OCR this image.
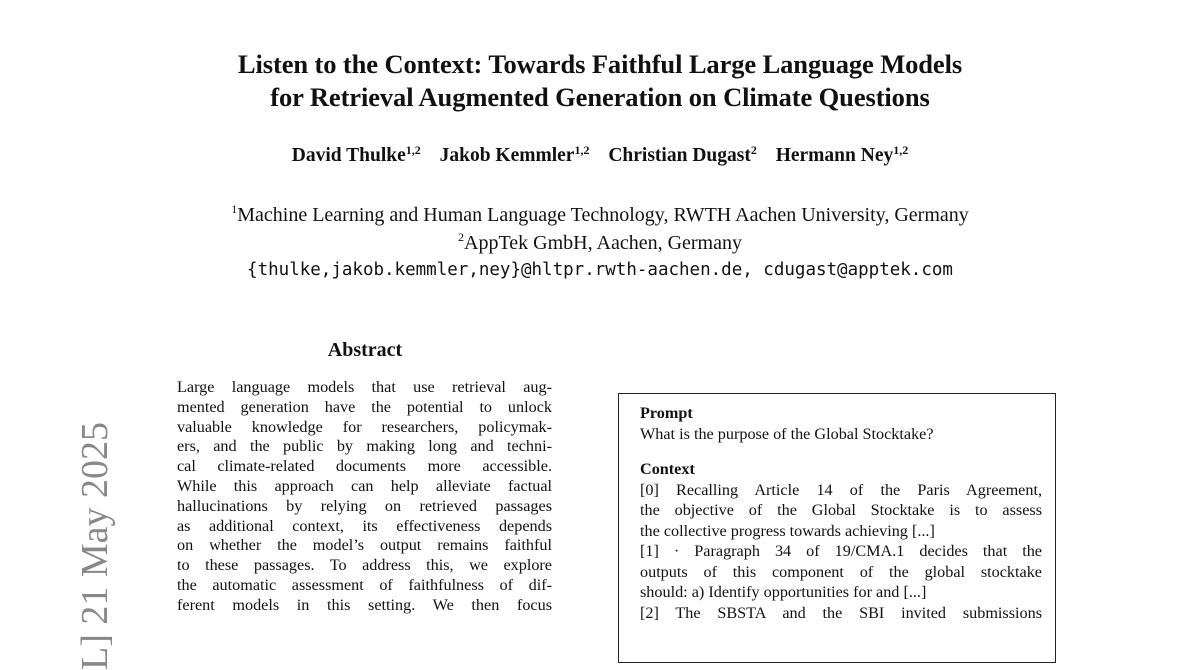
Listen to the Context: Towards Faithful Large Language Models
for Retrieval Augmented Generation on Climate Questions
David Thulke$^{1,2}$ Jakob Kemmler$^{1,2}$ Christian Dugast$^2$ Hermann Ney$^{1,2}$
$^1$Machine Learning and Human Language Technology, RWTH Aachen University, Germany
$^2$AppTek GmbH, Aachen, Germany
{thulke,jakob.kemmler,ney}@hltpr.rwth-aachen.de, cdugast@apptek.com
L] 21 May 2025
Abstract
Large language models that use retrieval aug-
mented generation have the potential to unlock
valuable knowledge for researchers, policymak-
ers, and the public by making long and techni-
cal climate-related documents more accessible.
While this approach can help alleviate factual
hallucinations by relying on retrieved passages
as additional context, its effectiveness depends
on whether the model’s output remains faithful
to these passages. To address this, we explore
the automatic assessment of faithfulness of dif-
ferent models in this setting. We then focus
Prompt
What is the purpose of the Global Stocktake?
Context
[0] Recalling Article 14 of the Paris Agreement,
the objective of the Global Stocktake is to assess
the collective progress towards achieving [...]
[1] · Paragraph 34 of 19/CMA.1 decides that the
outputs of this component of the global stocktake
should: a) Identify opportunities for and [...]
[2] The SBSTA and the SBI invited submissions
